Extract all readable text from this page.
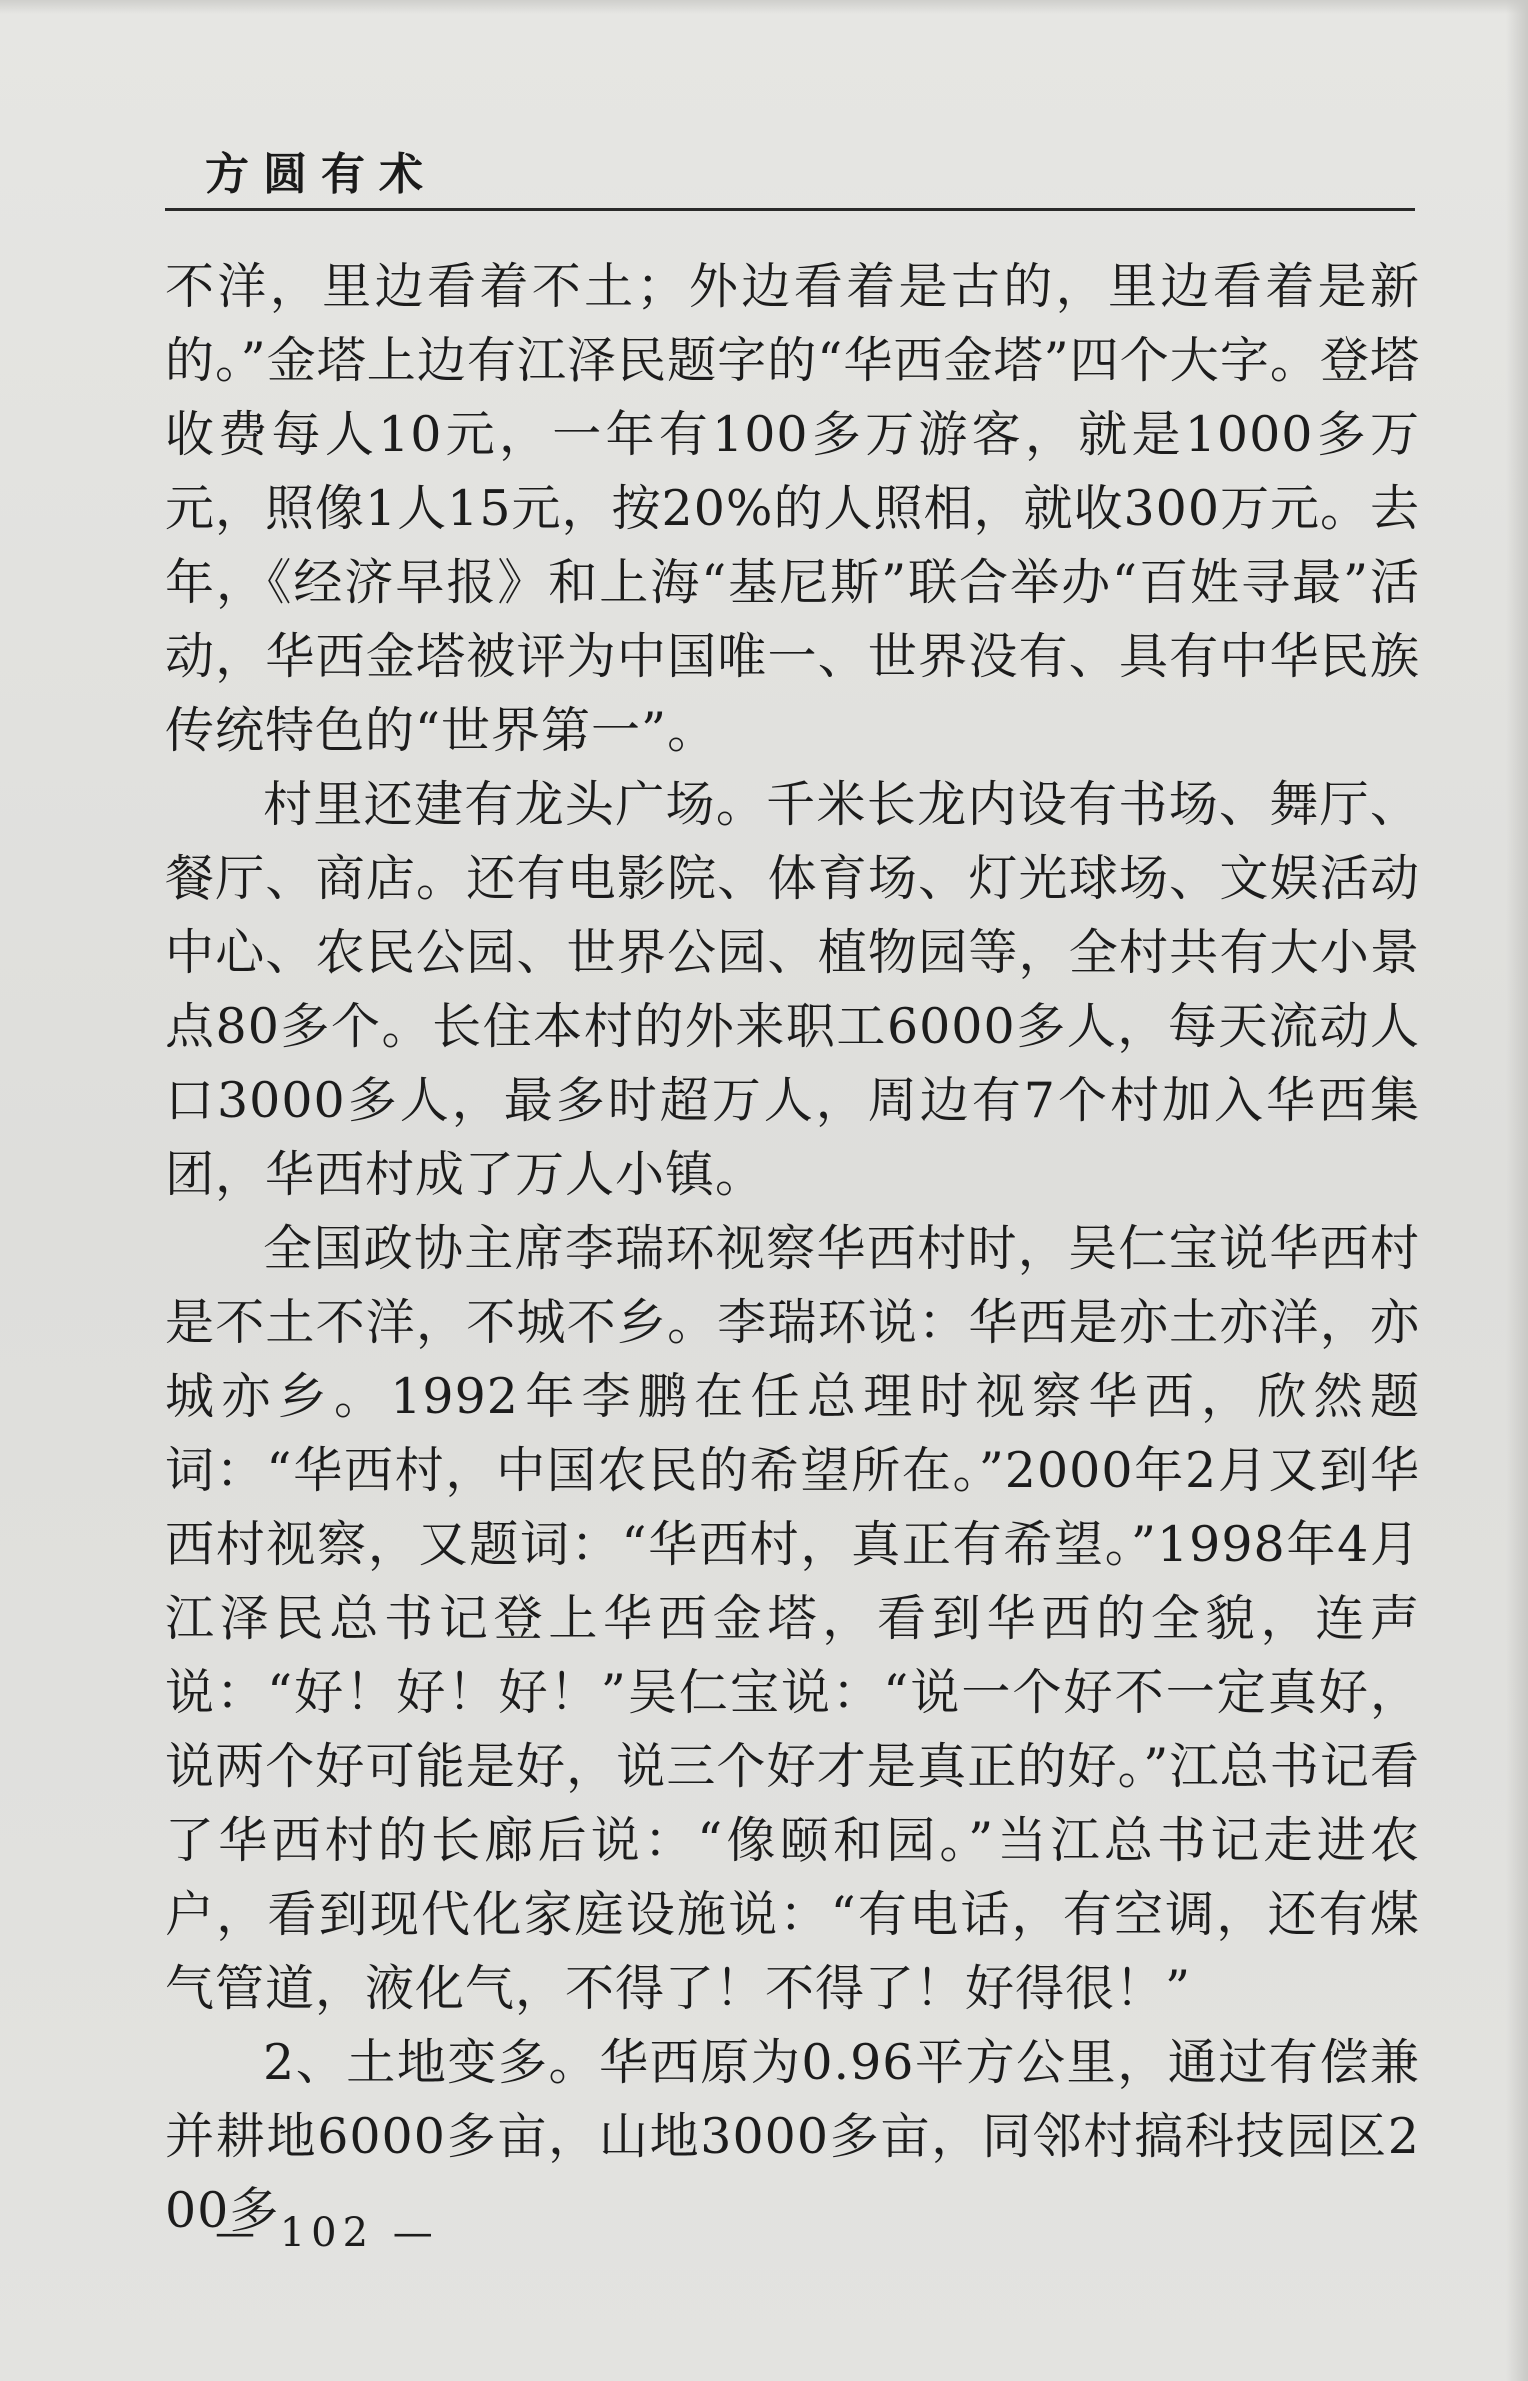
方圆有术

不洋，里边看着不土；外边看着是古的，里边看着是新的。”金塔上边有江泽民题字的“华西金塔”四个大字。登塔收费每人10元，一年有100多万游客，就是1000多万元，照像1人15元，按20%的人照相，就收300万元。去年，《经济早报》和上海“基尼斯”联合举办“百姓寻最”活动，华西金塔被评为中国唯一、世界没有、具有中华民族传统特色的“世界第一”。

村里还建有龙头广场。千米长龙内设有书场、舞厅、餐厅、商店。还有电影院、体育场、灯光球场、文娱活动中心、农民公园、世界公园、植物园等，全村共有大小景点80多个。长住本村的外来职工6000多人，每天流动人口3000多人，最多时超万人，周边有7个村加入华西集团，华西村成了万人小镇。

全国政协主席李瑞环视察华西村时，吴仁宝说华西村是不土不洋，不城不乡。李瑞环说：华西是亦土亦洋，亦城亦乡。1992年李鹏在任总理时视察华西，欣然题词：“华西村，中国农民的希望所在。”2000年2月又到华西村视察，又题词：“华西村，真正有希望。”1998年4月江泽民总书记登上华西金塔，看到华西的全貌，连声说：“好！好！好！”吴仁宝说：“说一个好不一定真好，说两个好可能是好，说三个好才是真正的好。”江总书记看了华西村的长廊后说：“像颐和园。”当江总书记走进农户，看到现代化家庭设施说：“有电话，有空调，还有煤气管道，液化气，不得了！不得了！好得很！”

2、土地变多。华西原为0.96平方公里，通过有偿兼并耕地6000多亩，山地3000多亩，同邻村搞科技园区200多

— 102 —
